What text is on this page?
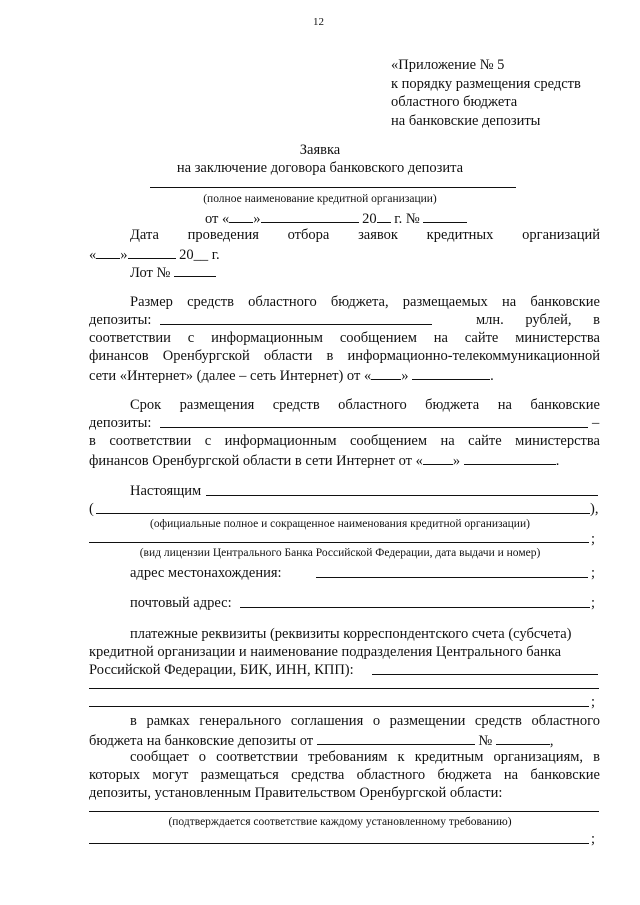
12
«Приложение № 5
к порядку размещения средств
областного бюджета
на банковские депозиты
Заявка
на заключение договора банковского депозита
(полное наименование кредитной организации)
от « »	20 г. №
Дата проведения отбора заявок кредитных организаций
« »	20__ г.
Лот №
Размер средств областного бюджета, размещаемых на банковские
депозиты:	млн. рублей, в
соответствии с информационным сообщением на сайте министерства
финансов Оренбургской области в информационно-телекоммуникационной
сети «Интернет» (далее – сеть Интернет) от « »	.
Срок размещения средств областного бюджета на банковские
депозиты:	–
в соответствии с информационным сообщением на сайте министерства
финансов Оренбургской области в сети Интернет от « »	.
Настоящим
(	),
(официальные полное и сокращенное наименования кредитной организации)
;
(вид лицензии Центрального Банка Российской Федерации, дата выдачи и номер)
адрес местонахождения:	;
почтовый адрес:	;
платежные реквизиты (реквизиты корреспондентского счета (субсчета)
кредитной организации и наименование подразделения Центрального банка
Российской Федерации, БИК, ИНН, КПП):
;
в рамках генерального соглашения о размещении средств областного
бюджета на банковские депозиты от	№	,
сообщает о соответствии требованиям к кредитным организациям, в
которых могут размещаться средства областного бюджета на банковские
депозиты, установленным Правительством Оренбургской области:
(подтверждается соответствие каждому установленному требованию)
;
